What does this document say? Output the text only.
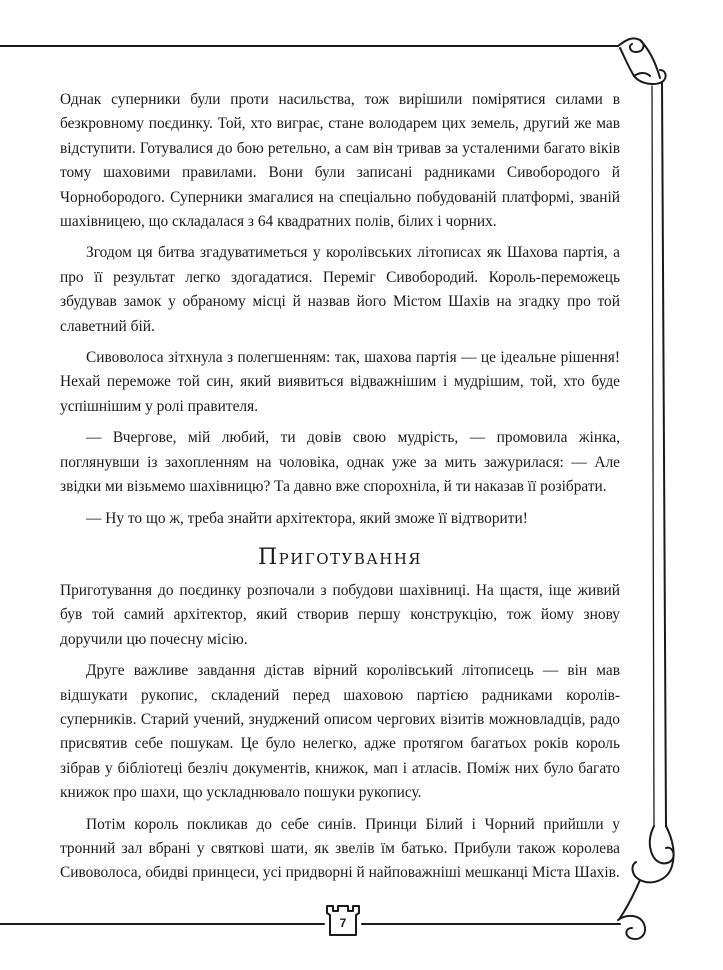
Однак суперники були проти насильства, тож вирішили помірятися силами в безкровному поєдинку. Той, хто виграє, стане володарем цих земель, другий же мав відступити. Готувалися до бою ретельно, а сам він тривав за усталеними багато віків тому шаховими правилами. Вони були записані радниками Сивобородого й Чорнобородого. Суперники змагалися на спеціально побудованій платформі, званій шахівницею, що складалася з 64 квадратних полів, білих і чорних.

Згодом ця битва згадуватиметься у королівських літописах як Шахова партія, а про її результат легко здогадатися. Переміг Сивобородий. Король-переможець збудував замок у обраному місці й назвав його Містом Шахів на згадку про той славетний бій.

Сивоволоса зітхнула з полегшенням: так, шахова партія — це ідеальне рішення! Нехай переможе той син, який виявиться відважнішим і мудрішим, той, хто буде успішнішим у ролі правителя.

— Вчергове, мій любий, ти довів свою мудрість, — промовила жінка, поглянувши із захопленням на чоловіка, однак уже за мить зажурилася: — Але звідки ми візьмемо шахівницю? Та давно вже спорохніла, й ти наказав її розібрати.

— Ну то що ж, треба знайти архітектора, який зможе її відтворити!

Приготування

Приготування до поєдинку розпочали з побудови шахівниці. На щастя, іще живий був той самий архітектор, який створив першу конструкцію, тож йому знову доручили цю почесну місію.

Друге важливе завдання дістав вірний королівський літописець — він мав відшукати рукопис, складений перед шаховою партією радниками королів-суперників. Старий учений, знуджений описом чергових візитів можновладців, радо присвятив себе пошукам. Це було нелегко, адже протягом багатьох років король зібрав у бібліотеці безліч документів, книжок, мап і атласів. Поміж них було багато книжок про шахи, що ускладнювало пошуки рукопису.

Потім король покликав до себе синів. Принци Білий і Чорний прийшли у тронний зал вбрані у святкові шати, як звелів їм батько. Прибули також королева Сивоволоса, обидві принцеси, усі придворні й найповажніші мешканці Міста Шахів.

7
